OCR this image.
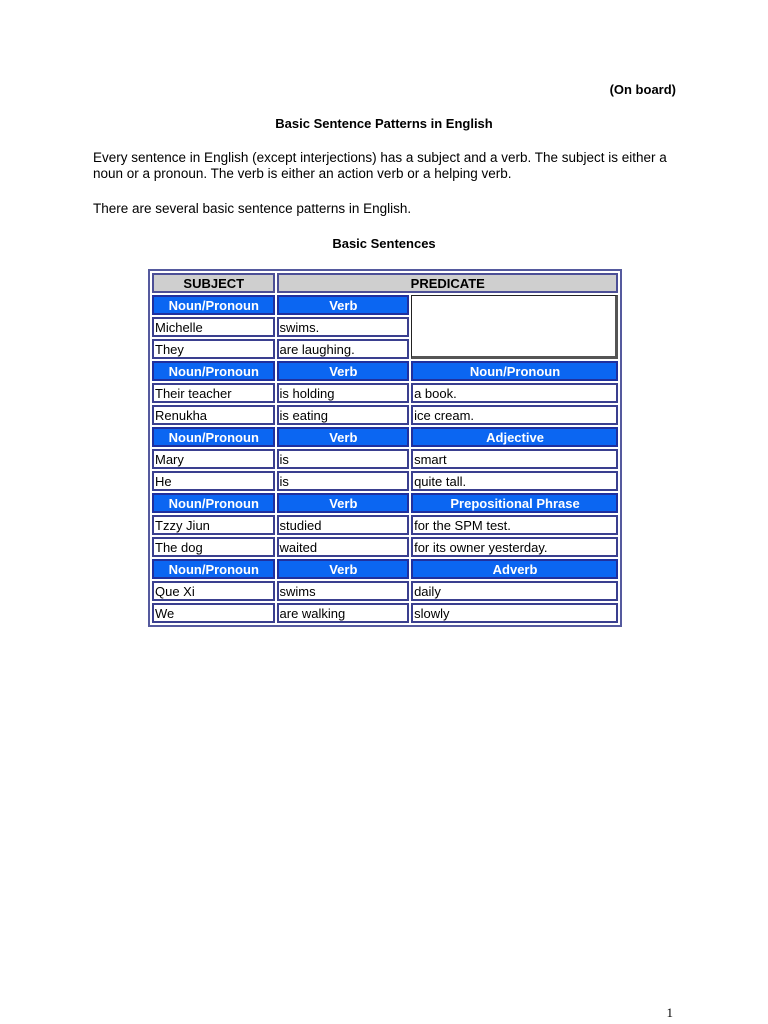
(On board)
Basic Sentence Patterns in English
Every sentence in English (except interjections) has a subject and a verb. The subject is either a noun or a pronoun. The verb is either an action verb or a helping verb.
There are several basic sentence patterns in English.
Basic Sentences
SUBJECT	PREDICATE	
Noun/Pronoun	Verb	
Michelle	swims.	
They	are laughing.	
Noun/Pronoun	Verb	Noun/Pronoun
Their teacher	is holding	a book.
Renukha	is eating	ice cream.
Noun/Pronoun	Verb	Adjective
Mary	is	smart
He	is	quite tall.
Noun/Pronoun	Verb	Prepositional Phrase
Tzzy Jiun	studied	for the SPM test.
The dog	waited	for its owner yesterday.
Noun/Pronoun	Verb	Adverb
Que Xi	swims	daily
We	are walking	slowly
1
